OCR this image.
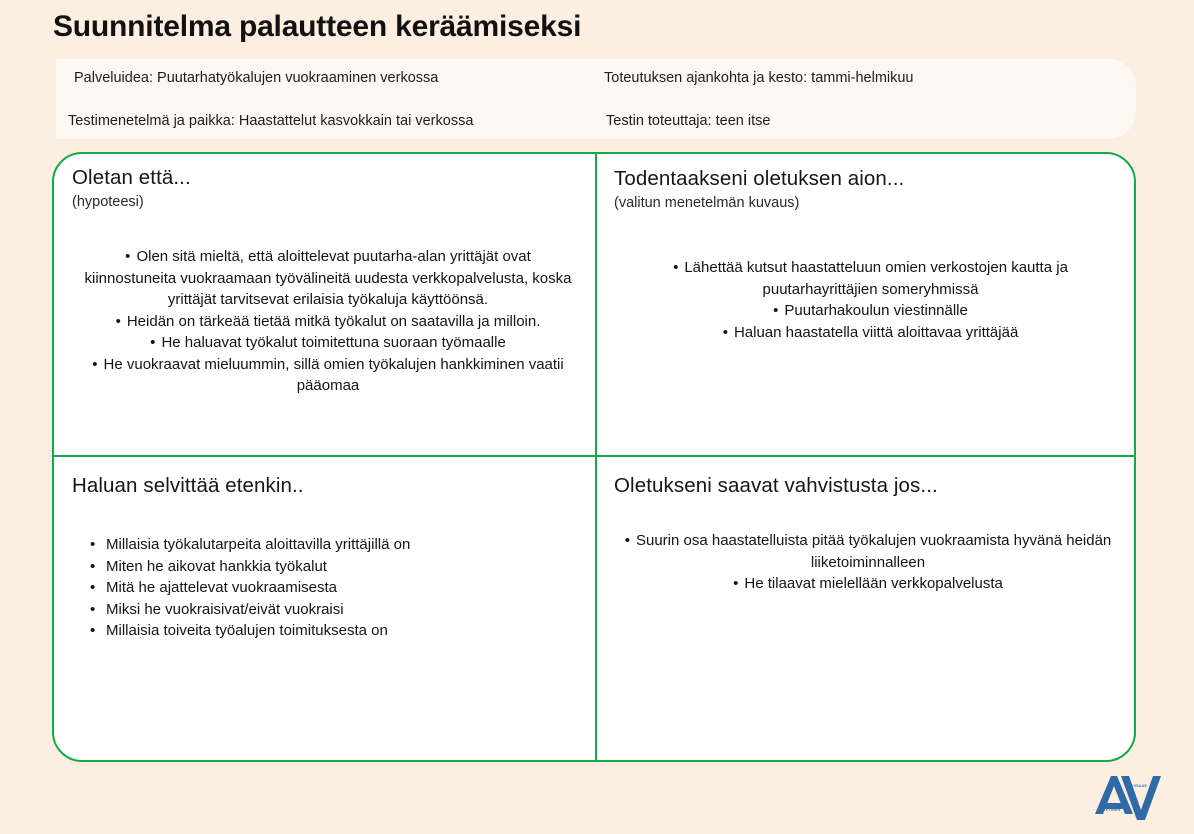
Suunnitelma palautteen keräämiseksi
Palveluidea: Puutarhatyökalujen vuokraaminen verkossa	Toteutuksen ajankohta ja kesto: tammi-helmikuu
Testimenetelmä ja paikka: Haastattelut kasvokkain tai verkossa	Testin toteuttaja: teen itse
Oletan että...
(hypoteesi)
• Olen sitä mieltä, että aloittelevat puutarha-alan yrittäjät ovat kiinnostuneita vuokraamaan työvälineitä uudesta verkkopalvelusta, koska yrittäjät tarvitsevat erilaisia työkaluja käyttöönsä.
• Heidän on tärkeää tietää mitkä työkalut on saatavilla ja milloin.
• He haluavat työkalut toimitettuna suoraan työmaalle
• He vuokraavat mieluummin, sillä omien työkalujen hankkiminen vaatii pääomaa
Todentaakseni oletuksen aion...
(valitun menetelmän kuvaus)
• Lähettää kutsut haastatteluun omien verkostojen kautta ja puutarhayrittäjien someryhmissä
• Puutarhakoulun viestinnälle
• Haluan haastatella viittä aloittavaa yrittäjää
Haluan selvittää etenkin..
• Millaisia työkalutarpeita aloittavilla yrittäjillä on
• Miten he aikovat hankkia työkalut
• Mitä he ajattelevat vuokraamisesta
• Miksi he vuokraisivat/eivät vuokraisi
• Millaisia toiveita työalujen toimituksesta on
Oletukseni saavat vahvistusta jos...
• Suurin osa haastatelluista pitää työkalujen vuokraamista hyvänä heidän liiketoiminnalleen
• He tilaavat mielellään verkkopalvelusta
ARKTINEN
VIISAUS
